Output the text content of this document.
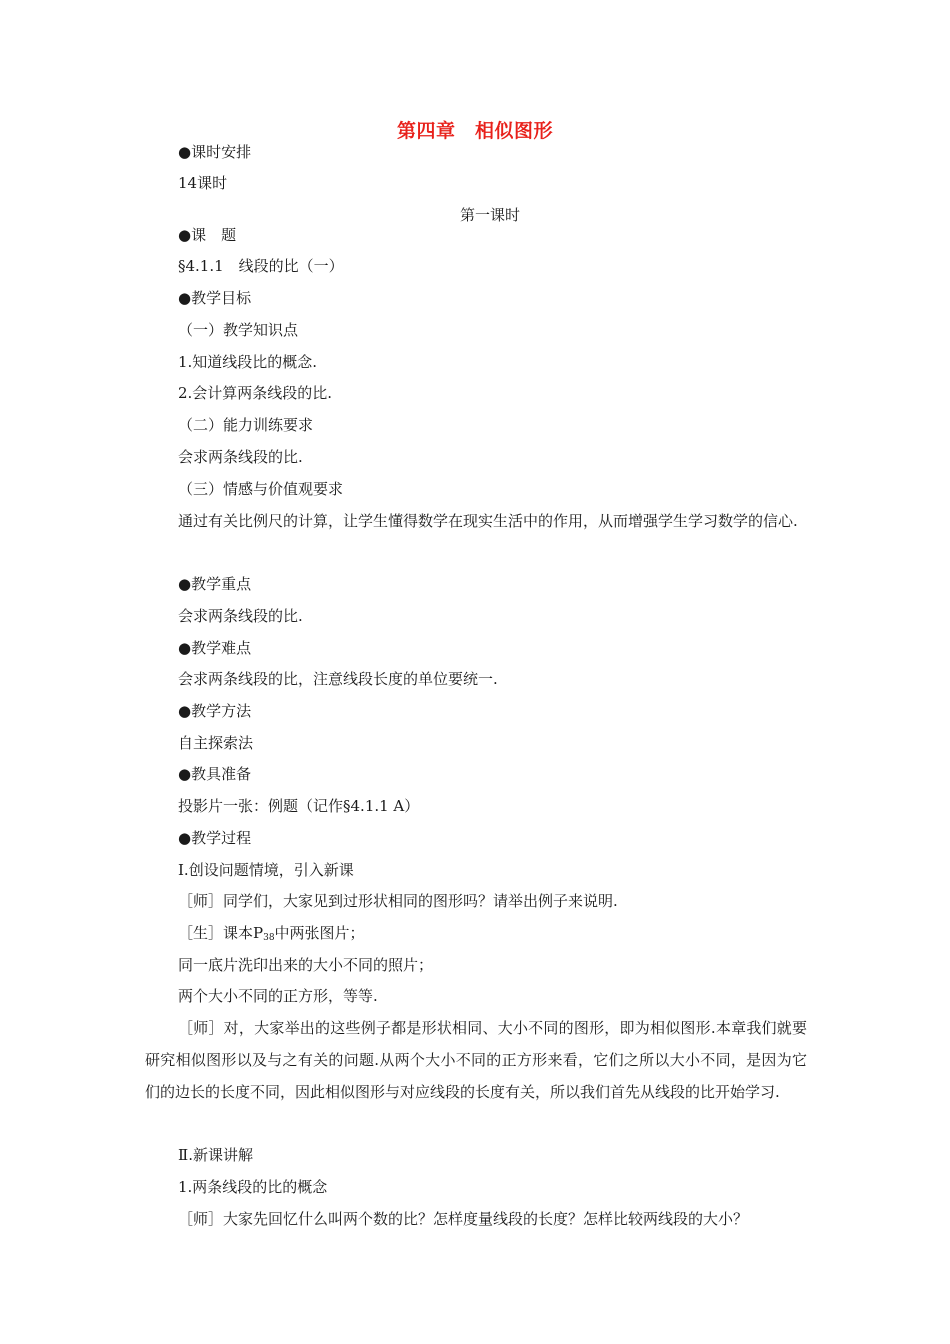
第四章　相似图形
●课时安排
14课时
第一课时
●课　题
§4.1.1　线段的比（一）
●教学目标
（一）教学知识点
1.知道线段比的概念.
2.会计算两条线段的比.
（二）能力训练要求
会求两条线段的比.
（三）情感与价值观要求
通过有关比例尺的计算，让学生懂得数学在现实生活中的作用，从而增强学生学习数学的信心.
●教学重点
会求两条线段的比.
●教学难点
会求两条线段的比，注意线段长度的单位要统一.
●教学方法
自主探索法
●教具准备
投影片一张：例题（记作§4.1.1 A）
●教学过程
Ⅰ.创设问题情境，引入新课
［师］同学们，大家见到过形状相同的图形吗？请举出例子来说明.
［生］课本$P_{38}$中两张图片；
同一底片洗印出来的大小不同的照片；
两个大小不同的正方形，等等.
［师］对，大家举出的这些例子都是形状相同、大小不同的图形，即为相似图形.本章我们就要研究相似图形以及与之有关的问题.从两个大小不同的正方形来看，它们之所以大小不同，是因为它们的边长的长度不同，因此相似图形与对应线段的长度有关，所以我们首先从线段的比开始学习.
Ⅱ.新课讲解
1.两条线段的比的概念
［师］大家先回忆什么叫两个数的比？怎样度量线段的长度？怎样比较两线段的大小？
